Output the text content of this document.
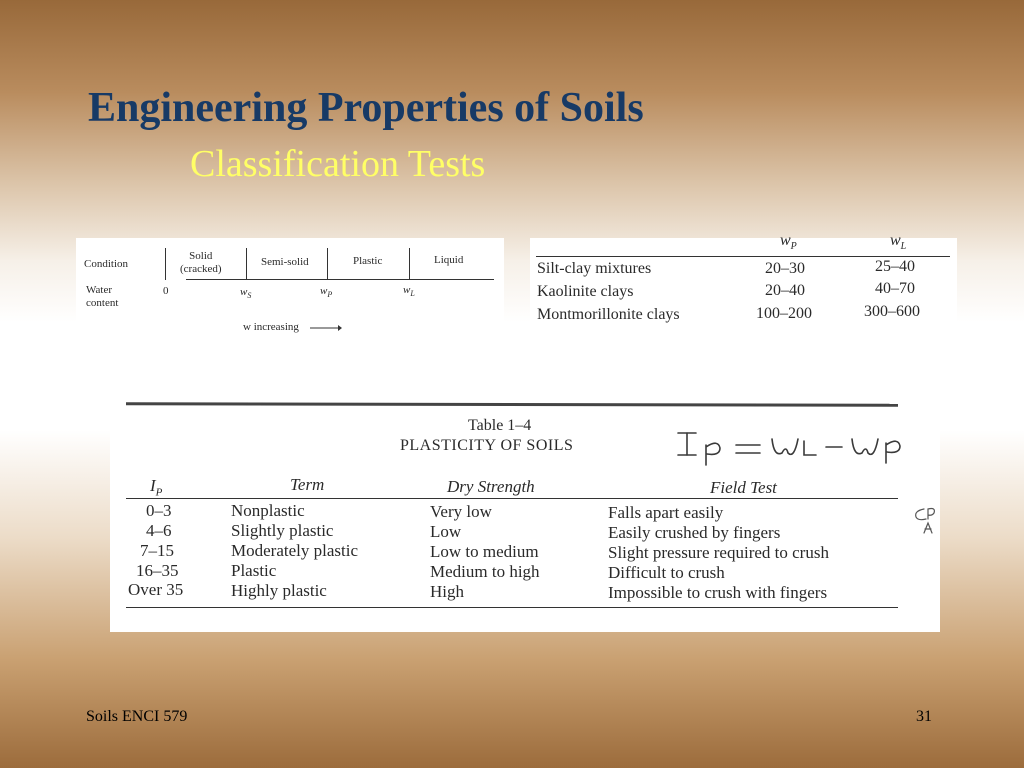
Engineering Properties of Soils
Classification Tests
Condition
Solid
(cracked)
Semi-solid	Plastic	Liquid
Water
content
0	$w_S$	$w_P$	$w_L$
w increasing
$w_P$	$w_L$
Silt-clay mixtures	20–30	25–40
Kaolinite clays	20–40	40–70
Montmorillonite clays	100–200	300–600
Table 1–4
PLASTICITY OF SOILS
Ip = wL - wp
$I_P$	Term	Dry Strength	Field Test
0–3	Nonplastic	Very low	Falls apart easily
4–6	Slightly plastic	Low	Easily crushed by fingers
7–15	Moderately plastic	Low to medium	Slight pressure required to crush
16–35	Plastic	Medium to high	Difficult to crush
Over 35	Highly plastic	High	Impossible to crush with fingers
Soils ENCI 579	31
